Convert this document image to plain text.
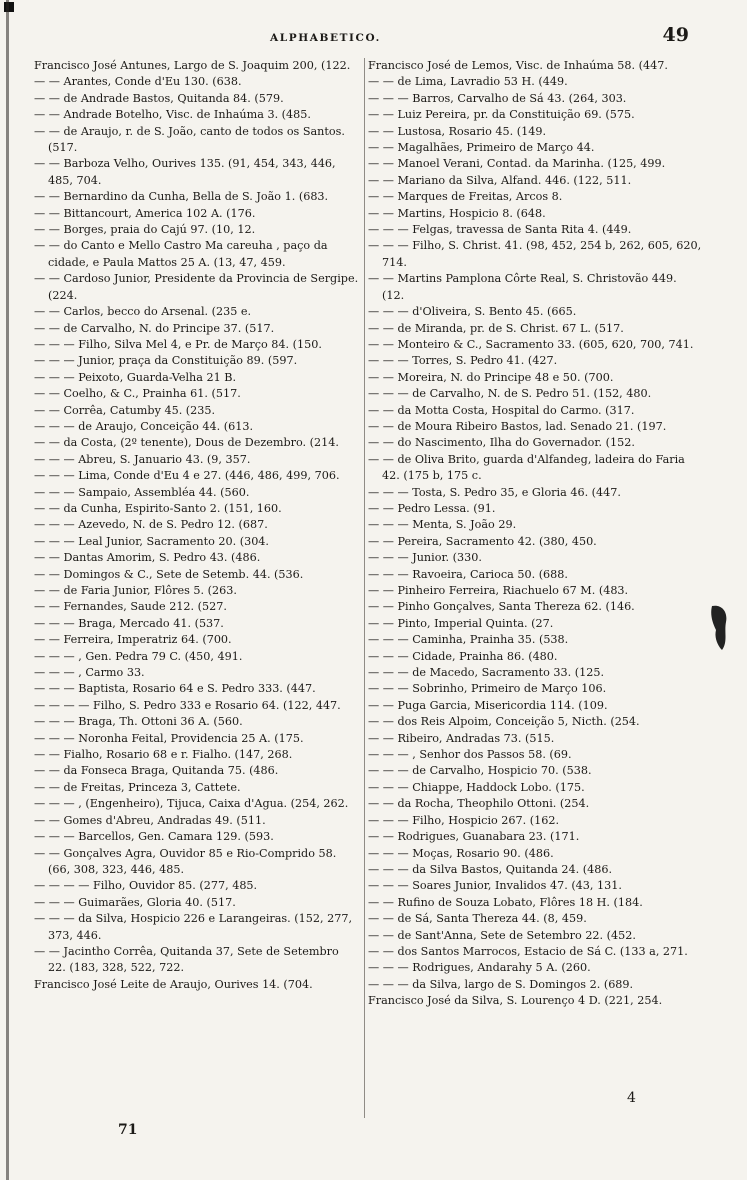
ALPHABETICO.	49
Francisco José Antunes, Largo de S. Joaquim 200, (122.
— — Arantes, Conde d'Eu 130. (638.
— — de Andrade Bastos, Quitanda 84. (579.
— — Andrade Botelho, Visc. de Inhaúma 3. (485.
— — de Araujo, r. de S. João, canto de todos os Santos. (517.
— — Barboza Velho, Ourives 135. (91, 454, 343, 446, 485, 704.
— — Bernardino da Cunha, Bella de S. João 1. (683.
— — Bittancourt, America 102 A. (176.
— — Borges, praia do Cajú 97. (10, 12.
— — do Canto e Mello Castro Ma careuha , paço da cidade, e Paula Mattos 25 A. (13, 47, 459.
— — Cardoso Junior, Presidente da Provincia de Sergipe. (224.
— — Carlos, becco do Arsenal. (235 e.
— — de Carvalho, N. do Principe 37. (517.
— — — Filho, Silva Mel 4, e Pr. de Março 84. (150.
— — — Junior, praça da Constituição 89. (597.
— — — Peixoto, Guarda-Velha 21 B.
— — Coelho, & C., Prainha 61. (517.
— — Corrêa, Catumby 45. (235.
— — — de Araujo, Conceição 44. (613.
— — da Costa, (2º tenente), Dous de Dezembro. (214.
— — — Abreu, S. Januario 43. (9, 357.
— — — Lima, Conde d'Eu 4 e 27. (446, 486, 499, 706.
— — — Sampaio, Assembléa 44. (560.
— — da Cunha, Espirito-Santo 2. (151, 160.
— — — Azevedo, N. de S. Pedro 12. (687.
— — — Leal Junior, Sacramento 20. (304.
— — Dantas Amorim, S. Pedro 43. (486.
— — Domingos & C., Sete de Setemb. 44. (536.
— — de Faria Junior, Flôres 5. (263.
— — Fernandes, Saude 212. (527.
— — — Braga, Mercado 41. (537.
— — Ferreira, Imperatriz 64. (700.
— — — , Gen. Pedra 79 C. (450, 491.
— — — , Carmo 33.
— — — Baptista, Rosario 64 e S. Pedro 333. (447.
— — — — Filho, S. Pedro 333 e Rosario 64. (122, 447.
— — — Braga, Th. Ottoni 36 A. (560.
— — — Noronha Feital, Providencia 25 A. (175.
— — Fialho, Rosario 68 e r. Fialho. (147, 268.
— — da Fonseca Braga, Quitanda 75. (486.
— — de Freitas, Princeza 3, Cattete.
— — — , (Engenheiro), Tijuca, Caixa d'Agua. (254, 262.
— — Gomes d'Abreu, Andradas 49. (511.
— — — Barcellos, Gen. Camara 129. (593.
— — Gonçalves Agra, Ouvidor 85 e Rio-Comprido 58. (66, 308, 323, 446, 485.
— — — — Filho, Ouvidor 85. (277, 485.
— — — Guimarães, Gloria 40. (517.
— — — da Silva, Hospicio 226 e Larangeiras. (152, 277, 373, 446.
— — Jacintho Corrêa, Quitanda 37, Sete de Setembro 22. (183, 328, 522, 722.
Francisco José Leite de Araujo, Ourives 14. (704.
Francisco José de Lemos, Visc. de Inhaúma 58. (447.
— — de Lima, Lavradio 53 H. (449.
— — — Barros, Carvalho de Sá 43. (264, 303.
— — Luiz Pereira, pr. da Constituição 69. (575.
— — Lustosa, Rosario 45. (149.
— — Magalhães, Primeiro de Março 44.
— — Manoel Verani, Contad. da Marinha. (125, 499.
— — Mariano da Silva, Alfand. 446. (122, 511.
— — Marques de Freitas, Arcos 8.
— — Martins, Hospicio 8. (648.
— — — Felgas, travessa de Santa Rita 4. (449.
— — — Filho, S. Christ. 41. (98, 452, 254 b, 262, 605, 620, 714.
— — Martins Pamplona Côrte Real, S. Christovão 449. (12.
— — — d'Oliveira, S. Bento 45. (665.
— — de Miranda, pr. de S. Christ. 67 L. (517.
— — Monteiro & C., Sacramento 33. (605, 620, 700, 741.
— — — Torres, S. Pedro 41. (427.
— — Moreira, N. do Principe 48 e 50. (700.
— — — de Carvalho, N. de S. Pedro 51. (152, 480.
— — da Motta Costa, Hospital do Carmo. (317.
— — de Moura Ribeiro Bastos, lad. Senado 21. (197.
— — do Nascimento, Ilha do Governador. (152.
— — de Oliva Brito, guarda d'Alfandeg, ladeira do Faria 42. (175 b, 175 c.
— — — Tosta, S. Pedro 35, e Gloria 46. (447.
— — Pedro Lessa. (91.
— — — Menta, S. João 29.
— — Pereira, Sacramento 42. (380, 450.
— — — Junior. (330.
— — — Ravoeira, Carioca 50. (688.
— — Pinheiro Ferreira, Riachuelo 67 M. (483.
— — Pinho Gonçalves, Santa Thereza 62. (146.
— — Pinto, Imperial Quinta. (27.
— — — Caminha, Prainha 35. (538.
— — — Cidade, Prainha 86. (480.
— — — de Macedo, Sacramento 33. (125.
— — — Sobrinho, Primeiro de Março 106.
— — Puga Garcia, Misericordia 114. (109.
— — dos Reis Alpoim, Conceição 5, Nicth. (254.
— — Ribeiro, Andradas 73. (515.
— — — , Senhor dos Passos 58. (69.
— — — de Carvalho, Hospicio 70. (538.
— — — Chiappe, Haddock Lobo. (175.
— — da Rocha, Theophilo Ottoni. (254.
— — — Filho, Hospicio 267. (162.
— — Rodrigues, Guanabara 23. (171.
— — — Moças, Rosario 90. (486.
— — — da Silva Bastos, Quitanda 24. (486.
— — — Soares Junior, Invalidos 47. (43, 131.
— — Rufino de Souza Lobato, Flôres 18 H. (184.
— — de Sá, Santa Thereza 44. (8, 459.
— — de Sant'Anna, Sete de Setembro 22. (452.
— — dos Santos Marrocos, Estacio de Sá C. (133 a, 271.
— — — Rodrigues, Andarahy 5 A. (260.
— — — da Silva, largo de S. Domingos 2. (689.
Francisco José da Silva, S. Lourenço 4 D. (221, 254.
71
4
